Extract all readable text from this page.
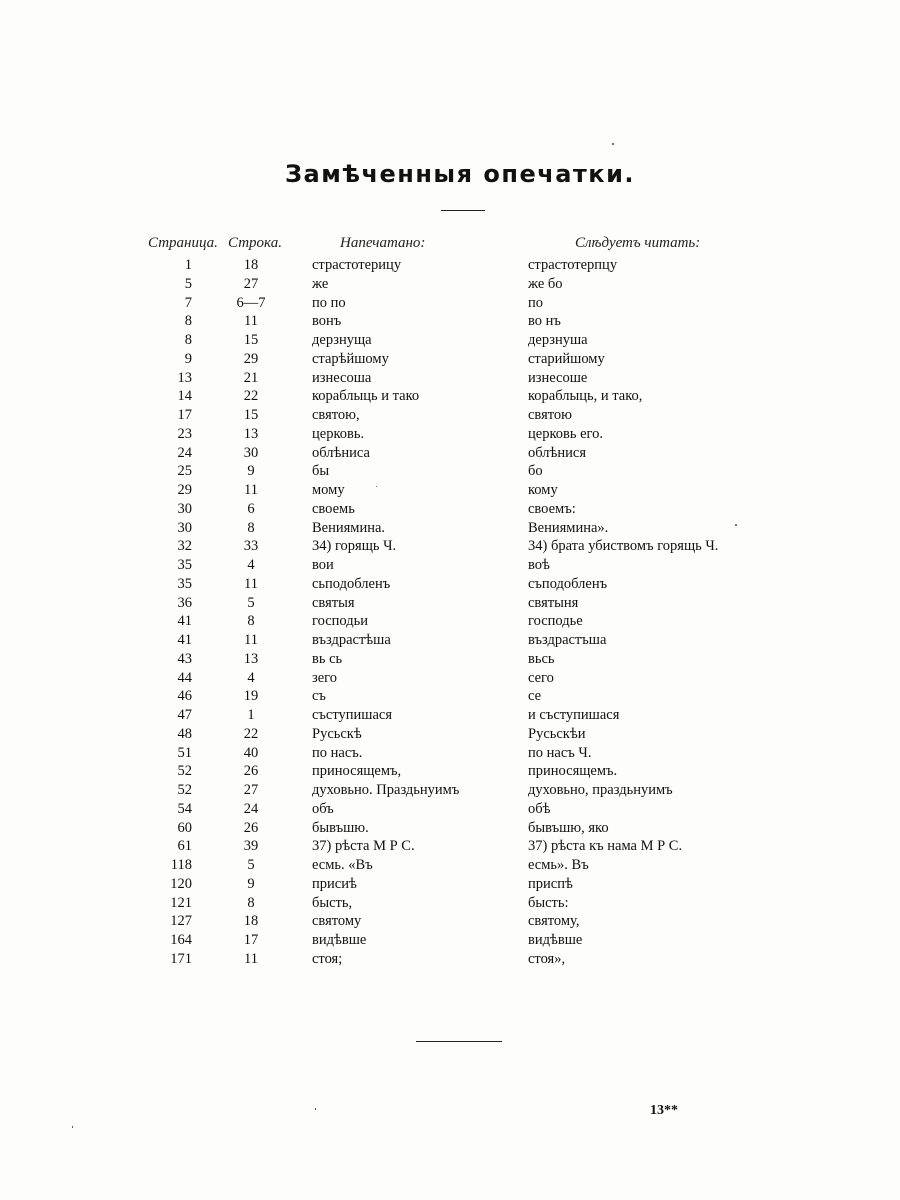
Замѣченныя опечатки.
Страница. Строка.	Напечатано:	Слѣдуетъ читать:
1	18	страстотерицу	страстотерпцу
5	27	же	же бо
7	6—7	по по	по
8	11	вонъ	во нъ
8	15	дерзнуща	дерзнуша
9	29	старѣйшому	старийшому
13	21	изнесоша	изнесоше
14	22	кораблыць и тако	кораблыць, и тако,
17	15	святою,	святою
23	13	церковь.	церковь его.
24	30	облѣниса	облѣнися
25	9	бы	бо
29	11	мому	кому
30	6	своемь	своемъ:
30	8	Вениямина.	Вениямина».
32	33	34) горящь Ч.	34) брата убиствомъ горящь Ч.
35	4	вои	воѣ
35	11	сьподобленъ	съподобленъ
36	5	святыя	святыня
41	8	господьи	господье
41	11	въздрастѣша	въздрастъша
43	13	вь сь	вьсь
44	4	зего	сего
46	19	съ	се
47	1	съступишася	и съступишася
48	22	Русьскѣ	Русьскѣи
51	40	по насъ.	по насъ Ч.
52	26	приносящемъ,	приносящемъ.
52	27	духовьно. Праздьнуимъ	духовьно, праздьнуимъ
54	24	объ	обѣ
60	26	бывъшю.	бывъшю, яко
61	39	37) рѣста М Р С.	37) рѣста къ нама М Р С.
118	5	есмь. «Въ	есмь». Въ
120	9	присиѣ	приспѣ
121	8	бысть,	бысть:
127	18	святому	святому,
164	17	видѣвше	видѣвше
171	11	стоя;	стоя»,
13**
